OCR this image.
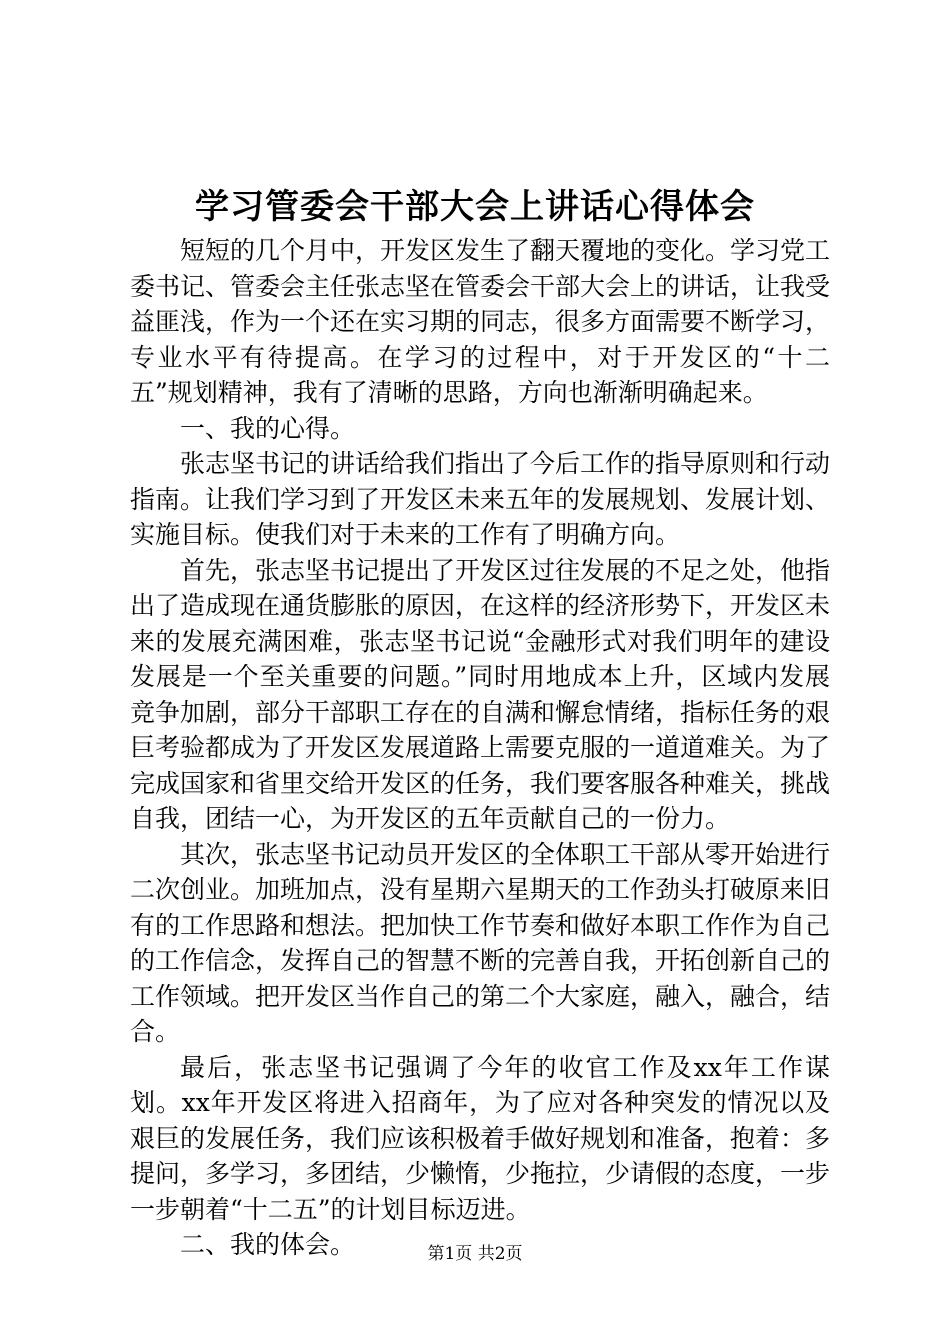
学习管委会干部大会上讲话心得体会

短短的几个月中，开发区发生了翻天覆地的变化。学习党工委书记、管委会主任张志坚在管委会干部大会上的讲话，让我受益匪浅，作为一个还在实习期的同志，很多方面需要不断学习，专业水平有待提高。在学习的过程中，对于开发区的“十二五”规划精神，我有了清晰的思路，方向也渐渐明确起来。

一、我的心得。

张志坚书记的讲话给我们指出了今后工作的指导原则和行动指南。让我们学习到了开发区未来五年的发展规划、发展计划、实施目标。使我们对于未来的工作有了明确方向。

首先，张志坚书记提出了开发区过往发展的不足之处，他指出了造成现在通货膨胀的原因，在这样的经济形势下，开发区未来的发展充满困难，张志坚书记说“金融形式对我们明年的建设发展是一个至关重要的问题。”同时用地成本上升，区域内发展竞争加剧，部分干部职工存在的自满和懈怠情绪，指标任务的艰巨考验都成为了开发区发展道路上需要克服的一道道难关。为了完成国家和省里交给开发区的任务，我们要客服各种难关，挑战自我，团结一心，为开发区的五年贡献自己的一份力。

其次，张志坚书记动员开发区的全体职工干部从零开始进行二次创业。加班加点，没有星期六星期天的工作劲头打破原来旧有的工作思路和想法。把加快工作节奏和做好本职工作作为自己的工作信念，发挥自己的智慧不断的完善自我，开拓创新自己的工作领域。把开发区当作自己的第二个大家庭，融入，融合，结合。

最后，张志坚书记强调了今年的收官工作及xx年工作谋划。xx年开发区将进入招商年，为了应对各种突发的情况以及艰巨的发展任务，我们应该积极着手做好规划和准备，抱着：多提问，多学习，多团结，少懒惰，少拖拉，少请假的态度，一步一步朝着“十二五”的计划目标迈进。

二、我的体会。	第1页 共2页
